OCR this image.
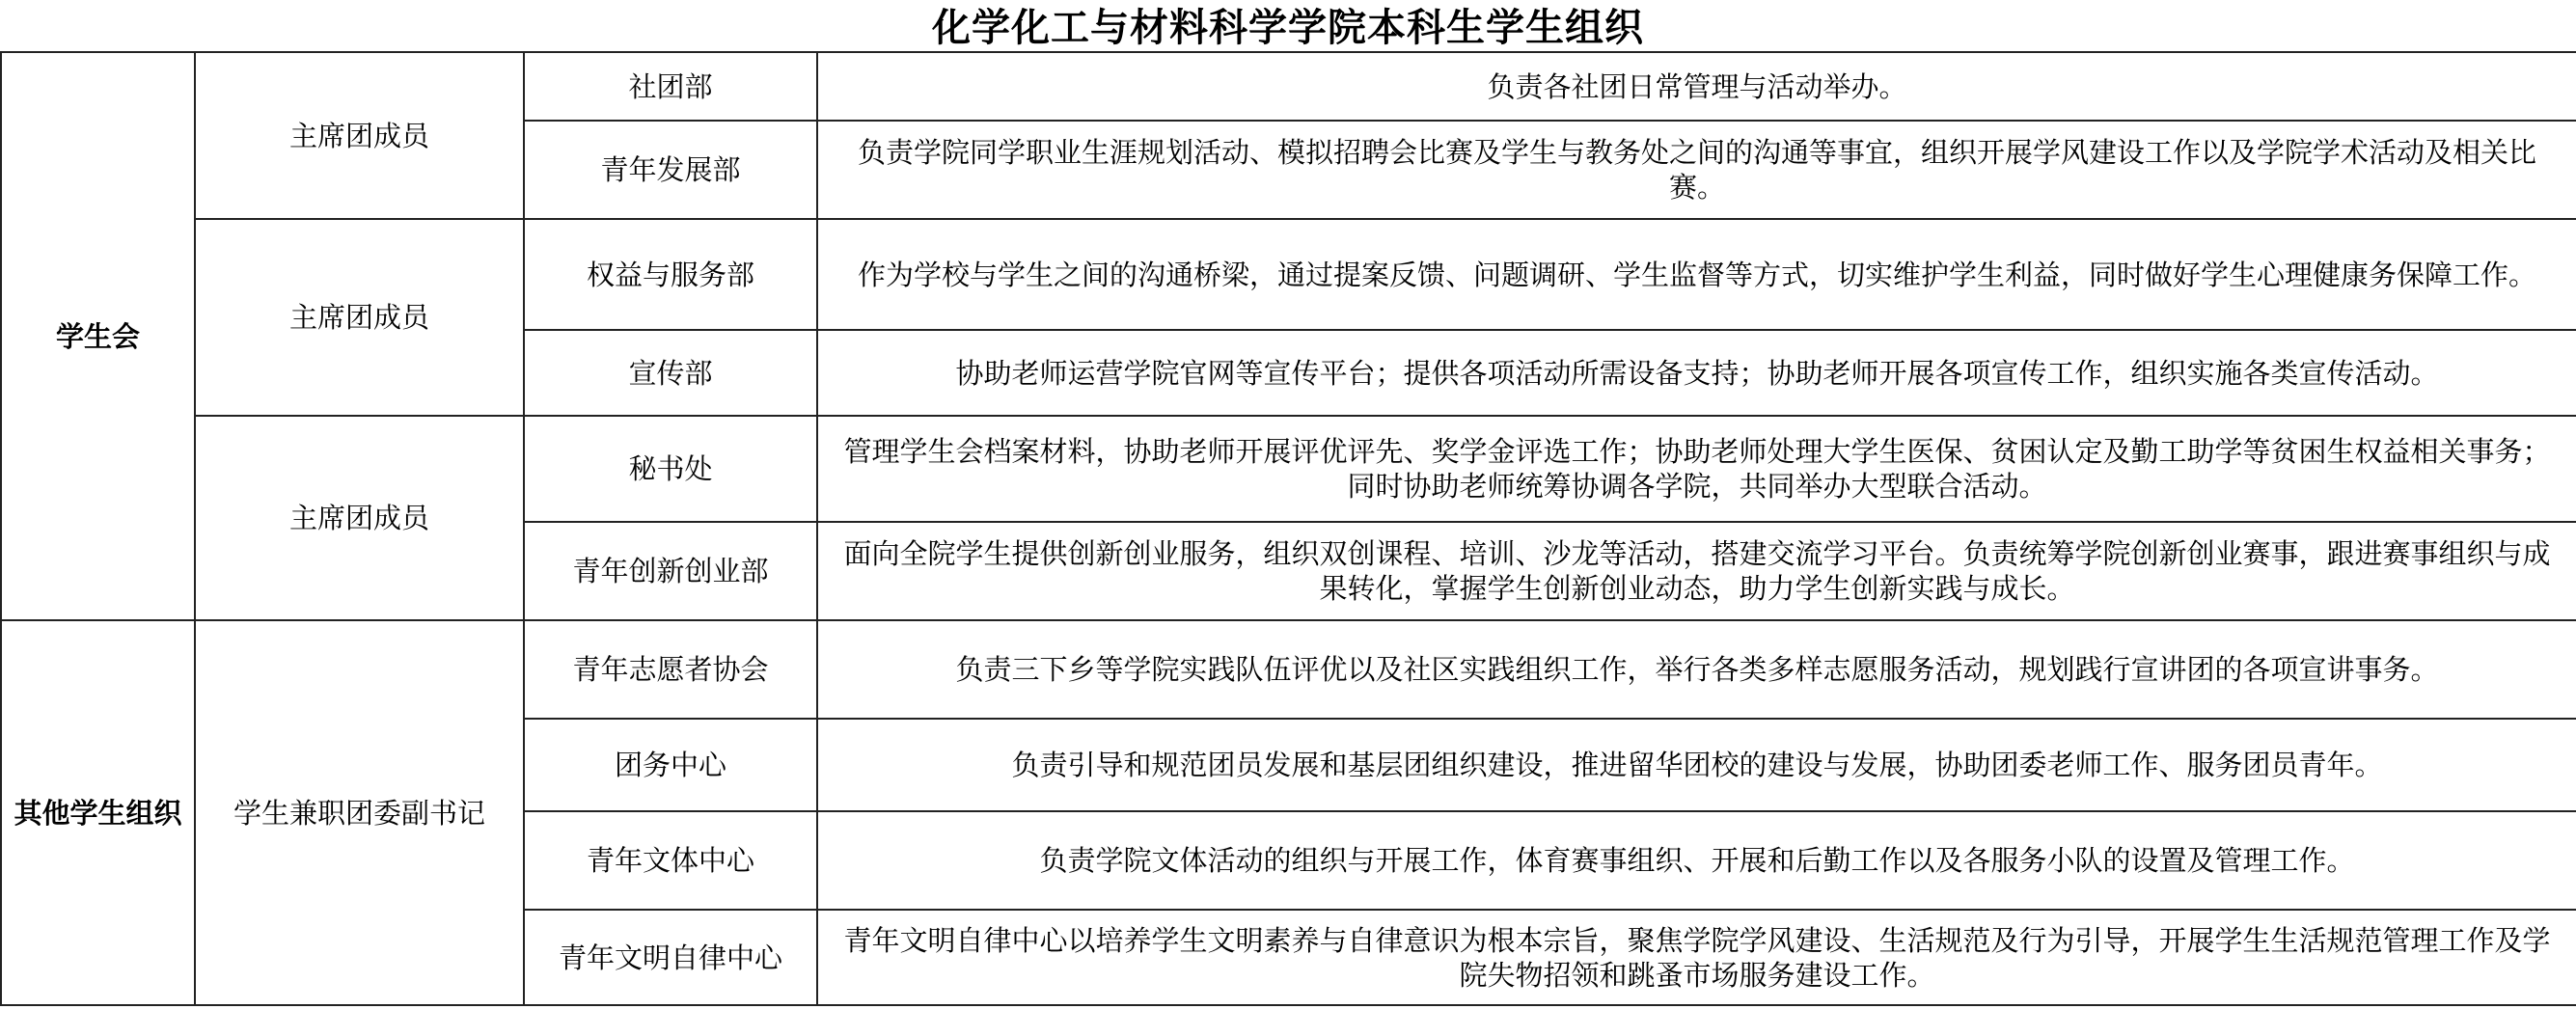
化学化工与材料科学学院本科生学生组织
学生会	主席团成员	社团部	负责各社团日常管理与活动举办。
		青年发展部	负责学院同学职业生涯规划活动、模拟招聘会比赛及学生与教务处之间的沟通等事宜，组织开展学风建设工作以及学院学术活动及相关比赛。
	主席团成员	权益与服务部	作为学校与学生之间的沟通桥梁，通过提案反馈、问题调研、学生监督等方式，切实维护学生利益，同时做好学生心理健康务保障工作。
		宣传部	协助老师运营学院官网等宣传平台；提供各项活动所需设备支持；协助老师开展各项宣传工作，组织实施各类宣传活动。
	主席团成员	秘书处	管理学生会档案材料，协助老师开展评优评先、奖学金评选工作；协助老师处理大学生医保、贫困认定及勤工助学等贫困生权益相关事务；同时协助老师统筹协调各学院，共同举办大型联合活动。
		青年创新创业部	面向全院学生提供创新创业服务，组织双创课程、培训、沙龙等活动，搭建交流学习平台。负责统筹学院创新创业赛事，跟进赛事组织与成果转化，掌握学生创新创业动态，助力学生创新实践与成长。
其他学生组织	学生兼职团委副书记	青年志愿者协会	负责三下乡等学院实践队伍评优以及社区实践组织工作，举行各类多样志愿服务活动，规划践行宣讲团的各项宣讲事务。
		团务中心	负责引导和规范团员发展和基层团组织建设，推进留华团校的建设与发展，协助团委老师工作、服务团员青年。
		青年文体中心	负责学院文体活动的组织与开展工作，体育赛事组织、开展和后勤工作以及各服务小队的设置及管理工作。
		青年文明自律中心	青年文明自律中心以培养学生文明素养与自律意识为根本宗旨，聚焦学院学风建设、生活规范及行为引导，开展学生生活规范管理工作及学院失物招领和跳蚤市场服务建设工作。
